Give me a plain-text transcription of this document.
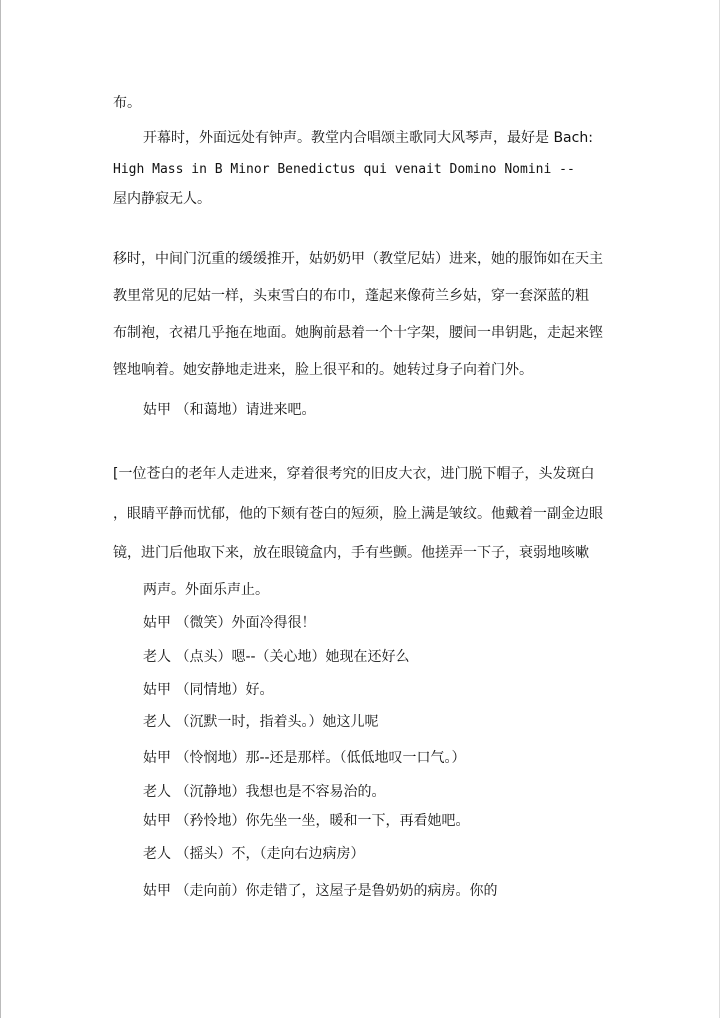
布。
开幕时，外面远处有钟声。教堂内合唱颂主歌同大风琴声，最好是 Bach:
High Mass in B Minor Benedictus qui venait Domino Nomini --
屋内静寂无人。
移时，中间门沉重的缓缓推开，姑奶奶甲（教堂尼姑）进来，她的服饰如在天主
教里常见的尼姑一样，头束雪白的布巾，蓬起来像荷兰乡姑，穿一套深蓝的粗
布制袍，衣裙几乎拖在地面。她胸前悬着一个十字架，腰间一串钥匙，走起来铿
铿地响着。她安静地走进来，脸上很平和的。她转过身子向着门外。
姑甲 （和蔼地）请进来吧。
[一位苍白的老年人走进来，穿着很考究的旧皮大衣，进门脱下帽子，头发斑白
，眼睛平静而忧郁，他的下颏有苍白的短须，脸上满是皱纹。他戴着一副金边眼
镜，进门后他取下来，放在眼镜盒内，手有些颤。他搓弄一下子，衰弱地咳嗽
两声。外面乐声止。
姑甲 （微笑）外面冷得很！
老人 （点头）嗯--（关心地）她现在还好么
姑甲 （同情地）好。
老人 （沉默一时，指着头。）她这儿呢
姑甲 （怜悯地）那--还是那样。（低低地叹一口气。）
老人 （沉静地）我想也是不容易治的。
姑甲 （矜怜地）你先坐一坐，暖和一下，再看她吧。
老人 （摇头）不，（走向右边病房）
姑甲 （走向前）你走错了，这屋子是鲁奶奶的病房。你的
